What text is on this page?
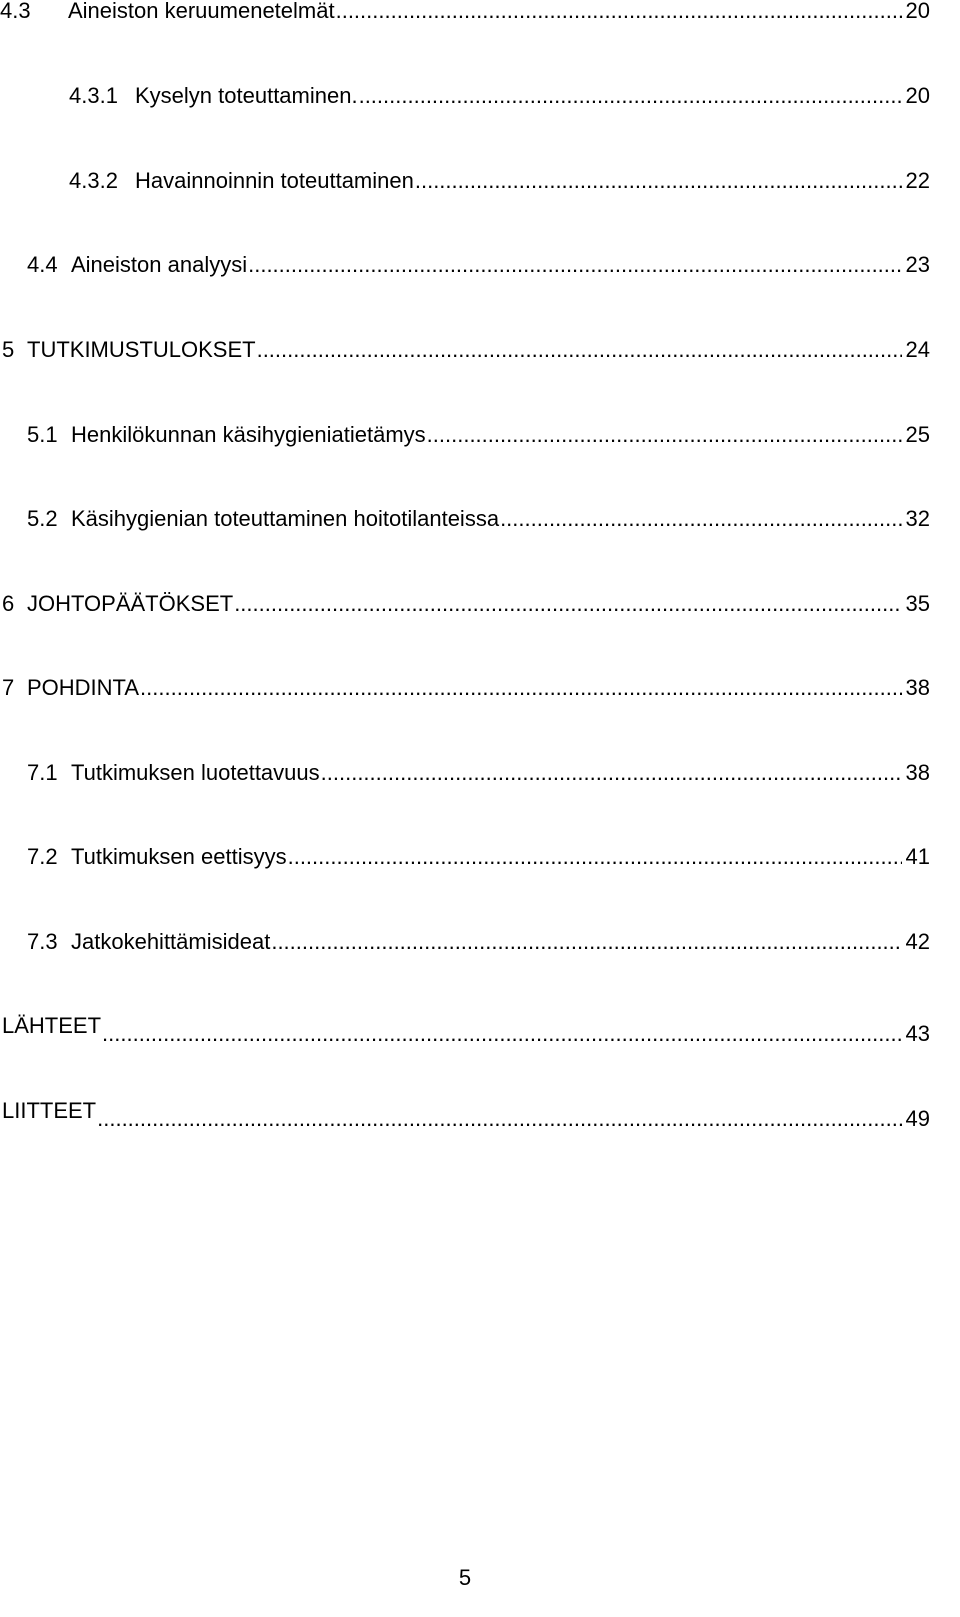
4.3	Aineiston keruumenetelmät .....	20
4.3.1 Kyselyn toteuttaminen. .....	20
4.3.2 Havainnoinnin toteuttaminen .....	22
4.4 Aineiston analyysi .....	23
5 TUTKIMUSTULOKSET .....	24
5.1 Henkilökunnan käsihygieniatietämys .....	25
5.2 Käsihygienian toteuttaminen hoitotilanteissa .....	32
6 JOHTOPÄÄTÖKSET .....	35
7 POHDINTA .....	38
7.1 Tutkimuksen luotettavuus .....	38
7.2 Tutkimuksen eettisyys .....	41
7.3 Jatkokehittämisideat .....	42
LÄHTEET .....	43
LIITTEET .....	49
5
